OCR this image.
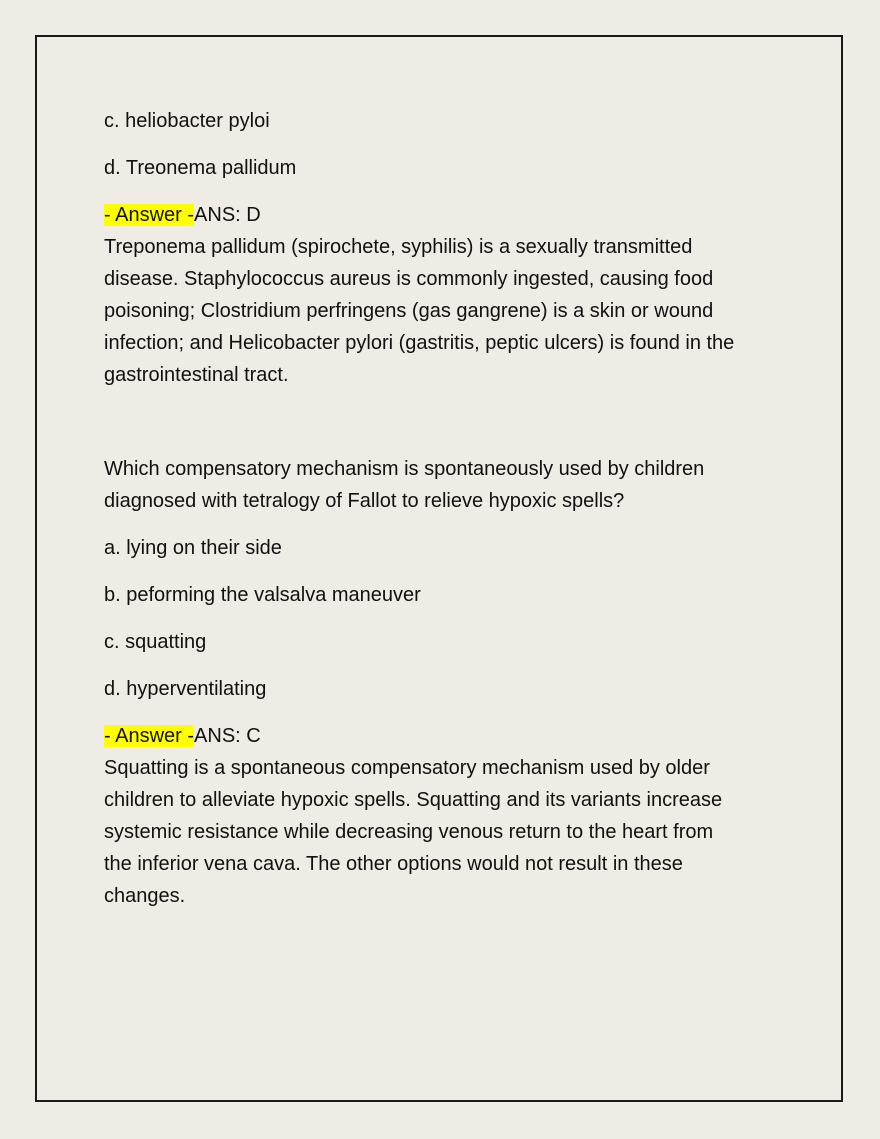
c. heliobacter pyloi

d. Treonema pallidum

- Answer -ANS: D

Treponema pallidum (spirochete, syphilis) is a sexually transmitted
disease. Staphylococcus aureus is commonly ingested, causing food
poisoning; Clostridium perfringens (gas gangrene) is a skin or wound
infection; and Helicobacter pylori (gastritis, peptic ulcers) is found in the
gastrointestinal tract.
Which compensatory mechanism is spontaneously used by children
diagnosed with tetralogy of Fallot to relieve hypoxic spells?

a. lying on their side

b. peforming the valsalva maneuver

c. squatting

d. hyperventilating

- Answer -ANS: C

Squatting is a spontaneous compensatory mechanism used by older
children to alleviate hypoxic spells. Squatting and its variants increase
systemic resistance while decreasing venous return to the heart from
the inferior vena cava. The other options would not result in these
changes.
